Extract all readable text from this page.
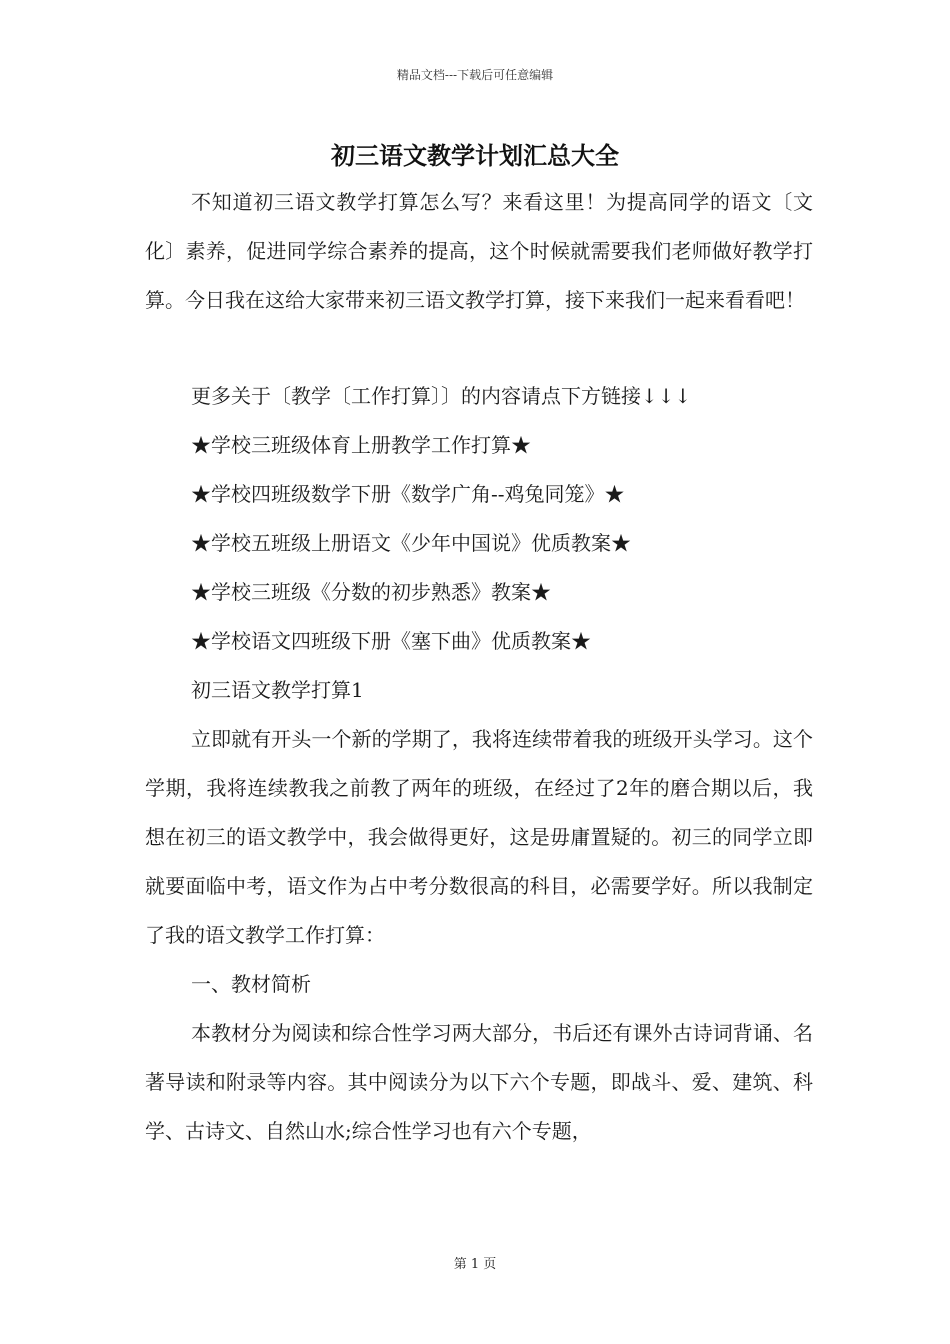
精品文档---下载后可任意编辑
初三语文教学计划汇总大全

不知道初三语文教学打算怎么写？来看这里！为提高同学的语文〔文化〕素养，促进同学综合素养的提高，这个时候就需要我们老师做好教学打算。今日我在这给大家带来初三语文教学打算，接下来我们一起来看看吧！

更多关于〔教学〔工作打算〕〕的内容请点下方链接↓↓↓

★学校三班级体育上册教学工作打算★

★学校四班级数学下册《数学广角--鸡兔同笼》★

★学校五班级上册语文《少年中国说》优质教案★

★学校三班级《分数的初步熟悉》教案★

★学校语文四班级下册《塞下曲》优质教案★

初三语文教学打算1

立即就有开头一个新的学期了，我将连续带着我的班级开头学习。这个学期，我将连续教我之前教了两年的班级，在经过了2年的磨合期以后，我想在初三的语文教学中，我会做得更好，这是毋庸置疑的。初三的同学立即就要面临中考，语文作为占中考分数很高的科目，必需要学好。所以我制定了我的语文教学工作打算：

一、教材简析

本教材分为阅读和综合性学习两大部分，书后还有课外古诗词背诵、名著导读和附录等内容。其中阅读分为以下六个专题，即战斗、爱、建筑、科学、古诗文、自然山水;综合性学习也有六个专题，

第 1 页
